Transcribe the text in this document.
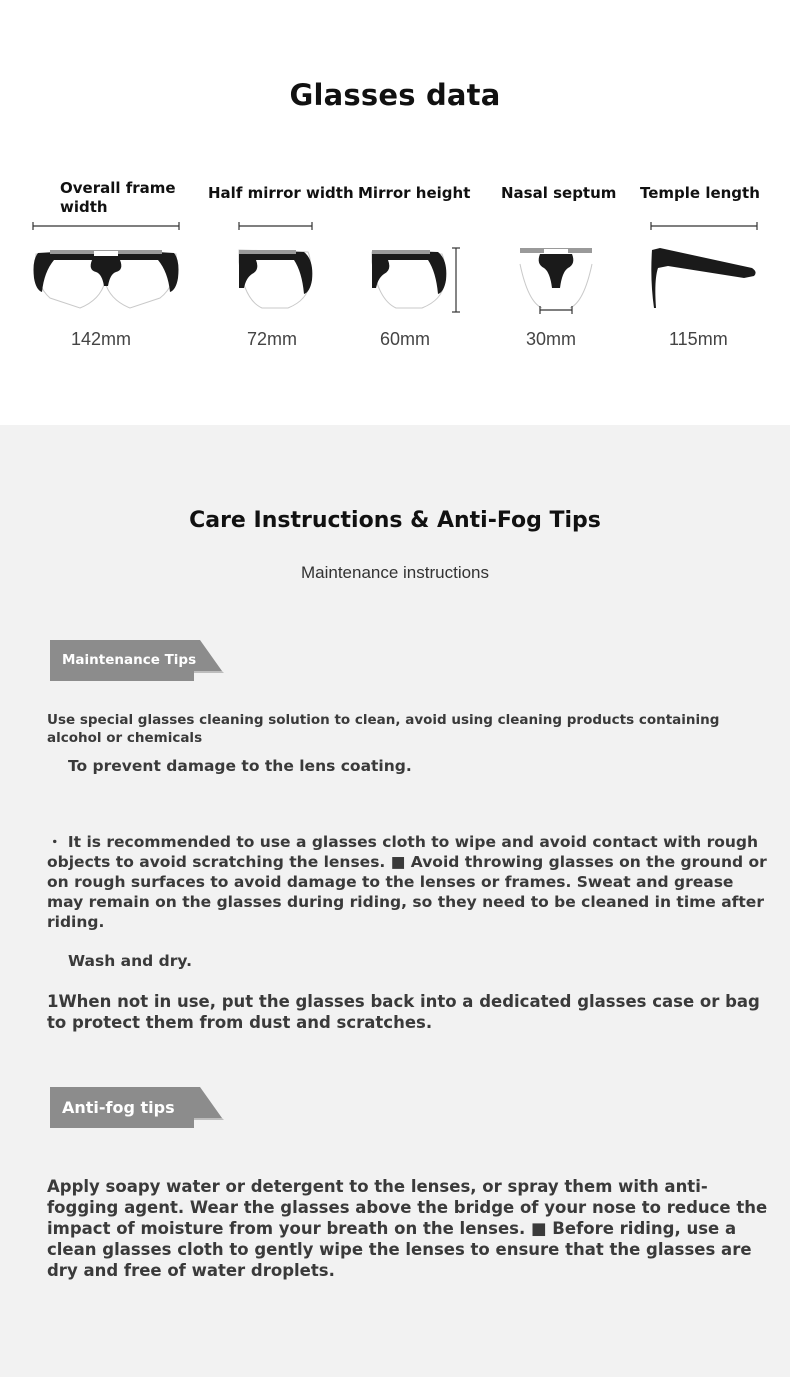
Glasses data
Overall frame width
142mm
Half mirror width
72mm
Mirror height
60mm
Nasal septum
30mm
Temple length
115mm
Care Instructions & Anti-Fog Tips
Maintenance instructions
Maintenance Tips
Use special glasses cleaning solution to clean, avoid using cleaning products containing alcohol or chemicals
To prevent damage to the lens coating.
・ It is recommended to use a glasses cloth to wipe and avoid contact with rough objects to avoid scratching the lenses. ■ Avoid throwing glasses on the ground or on rough surfaces to avoid damage to the lenses or frames. Sweat and grease may remain on the glasses during riding, so they need to be cleaned in time after riding.
Wash and dry.
1When not in use, put the glasses back into a dedicated glasses case or bag to protect them from dust and scratches.
Anti-fog tips
Apply soapy water or detergent to the lenses, or spray them with anti-fogging agent. Wear the glasses above the bridge of your nose to reduce the impact of moisture from your breath on the lenses. ■ Before riding, use a clean glasses cloth to gently wipe the lenses to ensure that the glasses are dry and free of water droplets.
